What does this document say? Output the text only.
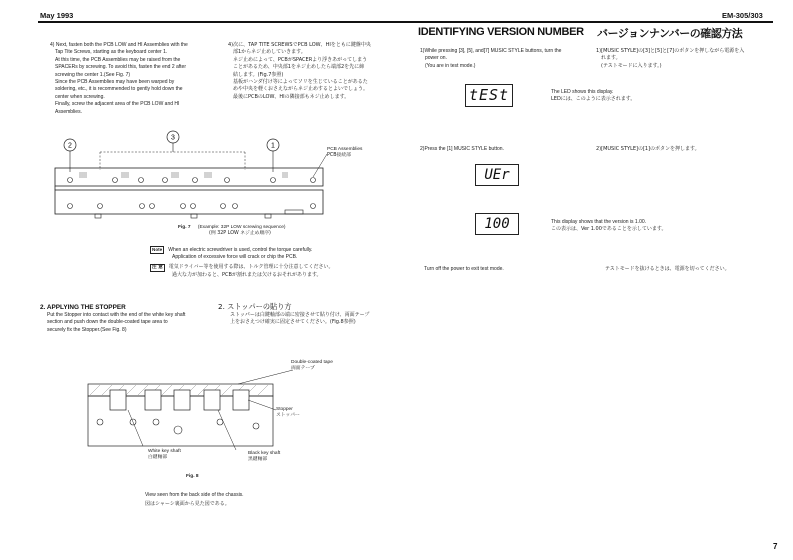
May 1993	EM-305/303
4) Next, fasten both the PCB LOW and HI Assemblies with the
Tap Tite Screws, starting as the keyboard center 1.
At this time, the PCB Assemblies may be raised from the
SPACERs by screwing. To avoid this, fasten the end 2 after
screwing the center 1.(See Fig. 7)
Since the PCB Assemblies may have been warped by
soldering, etc., it is recommended to gently hold down the
center when screwing.
Finally, screw the adjacent area of the PCB LOW and HI
Assemblies.
4)次に、TAP TITE SCREWSでPCB LOW、HIをともに鍵盤中央
部1からネジ止めしていきます。
ネジ止めによって、PCBがSPACERより浮きあがってしまう
ことがあるため、中央部1をネジ止めしたら端部2を先に締
結します。(Fig.7参照)
基板がハンダ付け等によってソリを生じていることがあるた
めや中央を軽くおさえながらネジ止めするとよいでしょう。
最後にPCBのLOW、HIの隣接部もネジ止めします。
2
3
1	PCB Assemblies
PCB接続部
Fig. 7 (Example: 32P LOW screwing sequence)
(例 32P LOW ネジ止め順序)
Note When an electric screwdriver is used, control the torque carefully.
Application of excessive force will crack or chip the PCB.
注 意 電気ドライバー等を使用する際は、トルク管理に十分注意してください。
過大な力が加わると、PCBが割れまたは欠けるおそれがあります。
2. APPLYING THE STOPPER
Put the Stopper into contact with the end of the white key shaft
section and push down the double-coated tape area to
securely fix the Stopper.(See Fig. 8)
2. ストッパーの貼り方
ストッパーは白鍵軸部の端に密接させて貼り付け、両面テープ
上をおさえつけ確実に固定させてください。(Fig.8参照)
Double-coated tape
両面テープ
Stopper
ストッパー
White key shaft
白鍵軸部
Black key shaft
黒鍵軸部
Fig. 8
View seen from the back side of the chassis.
図はシャーシ裏面から見た図である。
IDENTIFYING VERSION NUMBER バージョンナンバーの確認方法
1)While pressing [3], [5], and[7] MUSIC STYLE buttons, turn the
power on.
(You are in test mode.)
1)[MUSIC STYLE]の[3]と[5]と[7]のボタンを押しながら電源を入
れます。
(テストモードに入ります。)
tESt	The LED shows this display.
LEDには、このように表示されます。
2)Press the [1] MUSIC STYLE button.	2)[MUSIC STYLE]の[1]のボタンを押します。
UEr
100	This display shows that the version is 1.00.
この表示は、Ver 1.00であることを示しています。
Turn off the power to exit test mode.	テストモードを抜けるときは、電源を切ってください。
7
